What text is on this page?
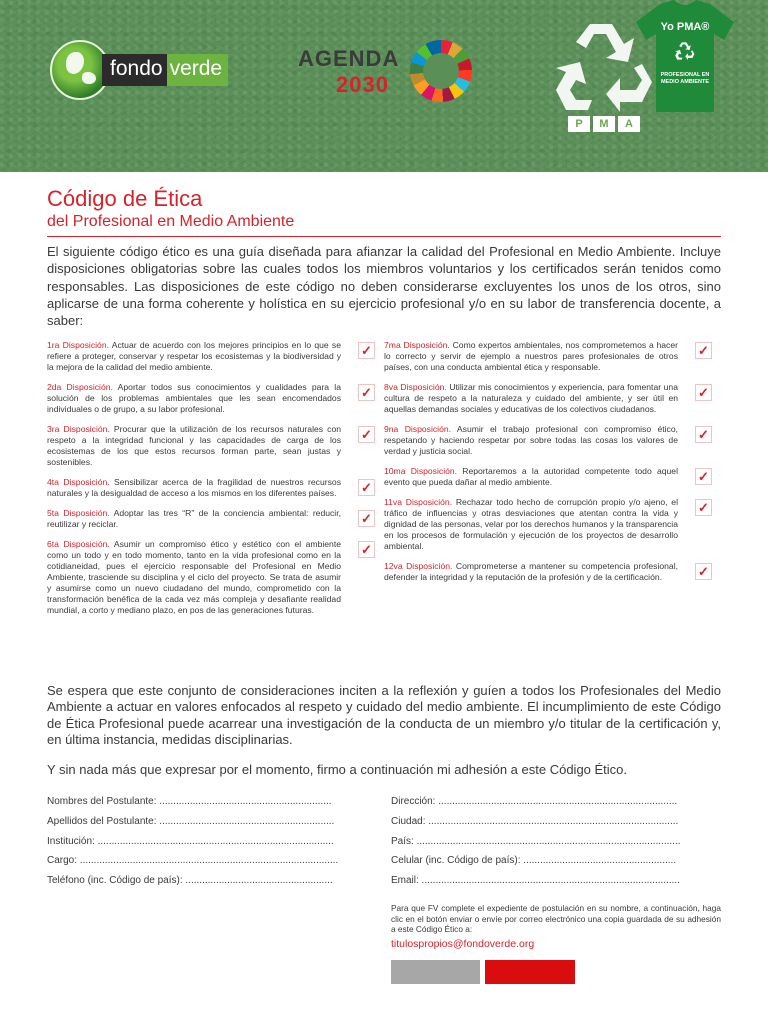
fondo verde	AGENDA
2030
Yo PMA®
PROFESIONAL EN
MEDIO AMBIENTE
P	M	A
Código de Ética
del Profesional en Medio Ambiente

El siguiente código ético es una guía diseñada para afianzar la calidad del Profesional en Medio Ambiente. Incluye disposiciones obligatorias sobre las cuales todos los miembros voluntarios y los certificados serán tenidos como responsables. Las disposiciones de este código no deben considerarse excluyentes los unos de los otros, sino aplicarse de una forma coherente y holística en su ejercicio profesional y/o en su labor de transferencia docente, a saber:

1ra Disposición. Actuar de acuerdo con los mejores principios en lo que se refiere a proteger, conservar y respetar los ecosistemas y la biodiversidad y la mejora de la calidad del medio ambiente.
✓
2da Disposición. Aportar todos sus conocimientos y cualidades para la solución de los problemas ambientales que les sean encomendados individuales o de grupo, a su labor profesional.
✓
3ra Disposición. Procurar que la utilización de los recursos naturales con respeto a la integridad funcional y las capacidades de carga de los ecosistemas de los que estos recursos forman parte, sean justas y sostenibles.
✓
4ta Disposición. Sensibilizar acerca de la fragilidad de nuestros recursos naturales y la desigualdad de acceso a los mismos en los diferentes países. ✓
5ta Disposición. Adoptar las tres “R” de la conciencia ambiental: reducir, reutilizar y reciclar.	✓
6ta Disposición. Asumir un compromiso ético y estético con el ambiente como un todo y en todo momento, tanto en la vida profesional como en la cotidianeidad, pues el ejercicio responsable del Profesional en Medio Ambiente, trasciende su disciplina y el ciclo del proyecto. Se trata de asumir y asumirse como un nuevo ciudadano del mundo, comprometido con la transformación benéfica de la cada vez más compleja y desafiante realidad mundial, a corto y mediano plazo, en pos de las generaciones futuras.
✓
7ma Disposición. Como expertos ambientales, nos comprometemos a hacer lo correcto y servir de ejemplo a nuestros pares profesionales de otros países, con una conducta ambiental ética y responsable.
✓
8va Disposición. Utilizar mis conocimientos y experiencia, para fomentar una cultura de respeto a la naturaleza y cuidado del ambiente, y ser útil en aquellas demandas sociales y educativas de los colectivos ciudadanos.
✓
9na Disposición. Asumir el trabajo profesional con compromiso ético, respetando y haciendo respetar por sobre todas las cosas los valores de verdad y justicia social.
✓
10ma Disposición. Reportaremos a la autoridad competente todo aquel evento que pueda dañar al medio ambiente.	✓
11va Disposición. Rechazar todo hecho de corrupción propio y/o ajeno, el tráfico de influencias y otras desviaciones que atentan contra la vida y dignidad de las personas, velar por los derechos humanos y la transparencia en los procesos de formulación y ejecución de los proyectos de desarrollo ambiental.
✓
12va Disposición. Comprometerse a mantener su competencia profesional, defender la integridad y la reputación de la profesión y de la certificación.	✓

Se espera que este conjunto de consideraciones inciten a la reflexión y guíen a todos los Profesionales del Medio Ambiente a actuar en valores enfocados al respeto y cuidado del medio ambiente. El incumplimiento de este Código de Ética Profesional puede acarrear una investigación de la conducta de un miembro y/o titular de la certificación y, en última instancia, medidas disciplinarias.

Y sin nada más que expresar por el momento, firmo a continuación mi adhesión a este Código Ético.

Nombres del Postulante: ..............................................................
Apellidos del Postulante: ...............................................................
Institución: .....................................................................................
Cargo: .............................................................................................
Teléfono (inc. Código de país): .....................................................
Dirección: ......................................................................................
Ciudad: ..........................................................................................
País: ...............................................................................................
Celular (inc. Código de país): .......................................................
Email: .............................................................................................

Para que FV complete el expediente de postulación en su nombre, a continuación, haga clic en el botón enviar o envíe por correo electrónico una copia guardada de su adhesión a este Código Ético a:

titulospropios@fondoverde.org
